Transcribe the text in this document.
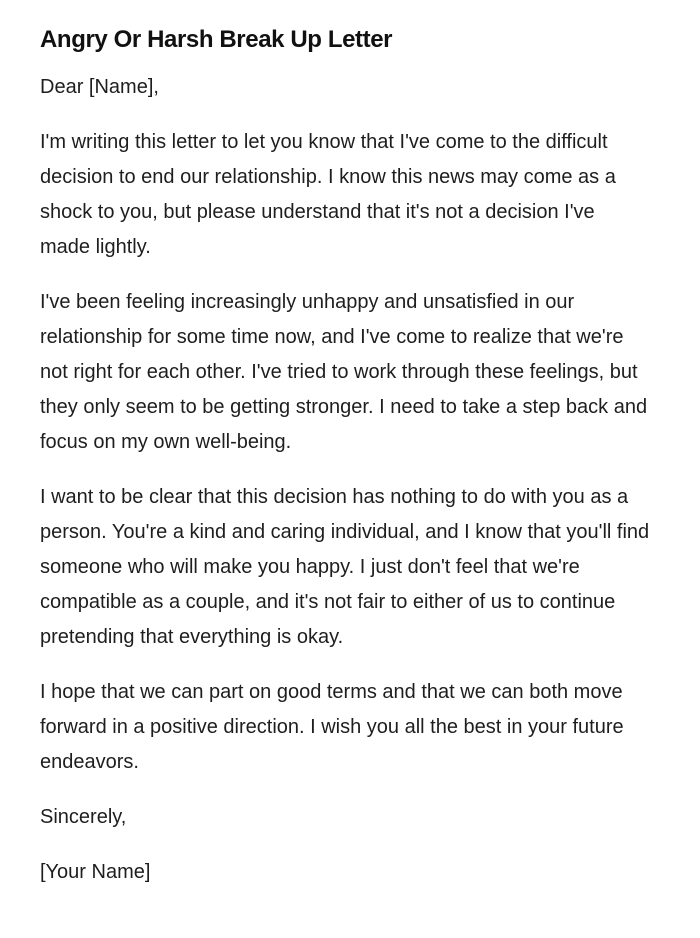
Angry Or Harsh Break Up Letter

Dear [Name],

I'm writing this letter to let you know that I've come to the difficult decision to end our relationship. I know this news may come as a shock to you, but please understand that it's not a decision I've made lightly.

I've been feeling increasingly unhappy and unsatisfied in our relationship for some time now, and I've come to realize that we're not right for each other. I've tried to work through these feelings, but they only seem to be getting stronger. I need to take a step back and focus on my own well-being.

I want to be clear that this decision has nothing to do with you as a person. You're a kind and caring individual, and I know that you'll find someone who will make you happy. I just don't feel that we're compatible as a couple, and it's not fair to either of us to continue pretending that everything is okay.

I hope that we can part on good terms and that we can both move forward in a positive direction. I wish you all the best in your future endeavors.

Sincerely,

[Your Name]
